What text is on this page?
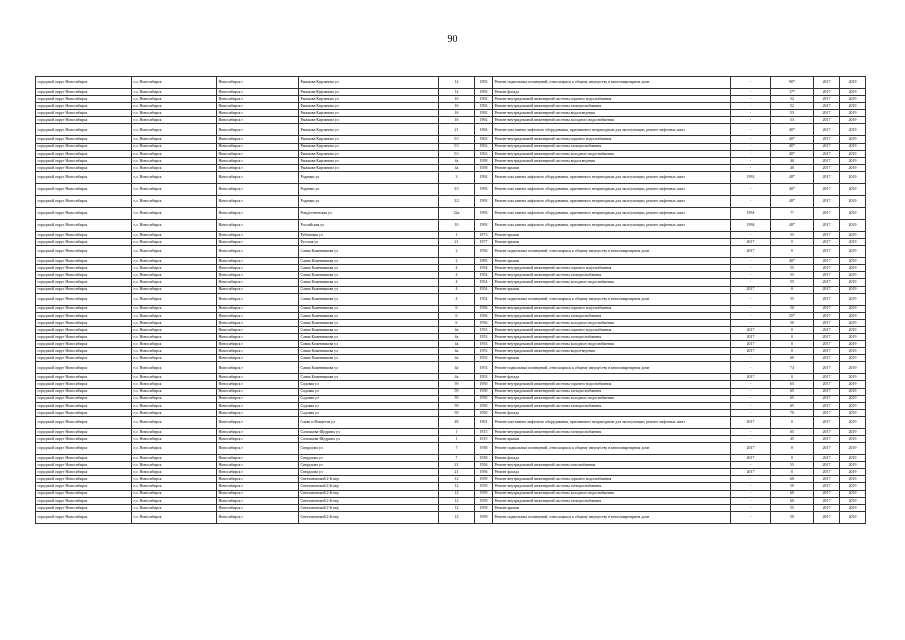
90
городской округ Новосибирск	г.о. Новосибирск	Новосибирск г	Рыжкова-Кирзанова ул	14	1993	Ремонт подвальных помещений, относящихся к общему имуществу в многоквартирном доме	-	90*	2017	2019
городской округ Новосибирск	г.о. Новосибирск	Новосибирск г	Рыжкова-Кирзанова ул	14	1993	Ремонт фасада	-	17*	2017	2019
городской округ Новосибирск	г.о. Новосибирск	Новосибирск г	Рыжкова-Кирзанова ул	16	1992	Ремонт внутридомовой инженерной системы горячего водоснабжения	-	52	2017	2019
городской округ Новосибирск	г.о. Новосибирск	Новосибирск г	Рыжкова-Кирзанова ул	16	1992	Ремонт внутридомовой инженерной системы электроснабжения	-	52	2017	2019
городской округ Новосибирск	г.о. Новосибирск	Новосибирск г	Рыжкова-Кирзанова ул	16	1992	Ремонт внутридомовой инженерной системы водоотведения	-	53	2017	2019
городской округ Новосибирск	г.о. Новосибирск	Новосибирск г	Рыжкова-Кирзанова ул	16	1992	Ремонт внутридомовой инженерной системы холодного водоснабжения	-	53	2017	2019
городской округ Новосибирск	г.о. Новосибирск	Новосибирск г	Рыжкова-Кирзанова ул	21	1994	Ремонт или замена лифтового оборудования, признанного непригодным для эксплуатации, ремонт лифтовых шахт	-	40*	2017	2019
городской округ Новосибирск	г.о. Новосибирск	Новосибирск г	Рыжкова-Кирзанова ул	5/1	1963	Ремонт внутридомовой инженерной системы горячего водоснабжения	-	40*	2017	2019
городской округ Новосибирск	г.о. Новосибирск	Новосибирск г	Рыжкова-Кирзанова ул	5/1	1963	Ремонт внутридомовой инженерной системы электроснабжения	-	40*	2017	2019
городской округ Новосибирск	г.о. Новосибирск	Новосибирск г	Рыжкова-Кирзанова ул	5/1	1963	Ремонт внутридомовой инженерной системы холодного водоснабжения	-	40*	2017	2019
городской округ Новосибирск	г.о. Новосибирск	Новосибирск г	Рыжкова-Кирзанова ул	4а	1958	Ремонт внутридомовой инженерной системы водоотведения	-	40	2017	2019
городской округ Новосибирск	г.о. Новосибирск	Новосибирск г	Рыжкова-Кирзанова ул	4а	1958	Ремонт крыши	-	40	2017	2019
городской округ Новосибирск	г.о. Новосибирск	Новосибирск г	Родники ул	3	1992	Ремонт или замена лифтового оборудования, признанного непригодным для эксплуатации, ремонт лифтовых шахт	1992	40*	2017	2019
городской округ Новосибирск	г.о. Новосибирск	Новосибирск г	Родники ул	3/1	1993	Ремонт или замена лифтового оборудования, признанного непригодным для эксплуатации, ремонт лифтовых шахт	-	40*	2017	2019
городской округ Новосибирск	г.о. Новосибирск	Новосибирск г	Родники ул	3/2	1993	Ремонт или замена лифтового оборудования, признанного непригодным для эксплуатации, ремонт лифтовых шахт	-	40*	2017	2019
городской округ Новосибирск	г.о. Новосибирск	Новосибирск г	Рождественская ул	22а	1993	Ремонт или замена лифтового оборудования, признанного непригодным для эксплуатации, ремонт лифтовых шахт	1994	??	2017	2019
городской округ Новосибирск	г.о. Новосибирск	Новосибирск г	Российская ул	10	1993	Ремонт или замена лифтового оборудования, признанного непригодным для эксплуатации, ремонт лифтовых шахт	1994	40*	2017	2019
городской округ Новосибирск	г.о. Новосибирск	Новосибирск г	Рубиновая ул	1	1973	Ремонт крыши	-	55	2017	2019
городской округ Новосибирск	г.о. Новосибирск	Новосибирск г	Русская ул	21	1977	Ремонт крыши	2017	0	2017	2019
городской округ Новосибирск	г.о. Новосибирск	Новосибирск г	Савиа Кожевникова ул	2	1956	Ремонт подвальных помещений, относящихся к общему имуществу в многоквартирном доме	2017	0	2017	2019
городской округ Новосибирск	г.о. Новосибирск	Новосибирск г	Савиа Кожевникова ул	2	1985	Ремонт крыши	-	40*	2017	2019
городской округ Новосибирск	г.о. Новосибирск	Новосибирск г	Савиа Кожевникова ул	4	1954	Ремонт внутридомовой инженерной системы горячего водоснабжения	-	55	2017	2019
городской округ Новосибирск	г.о. Новосибирск	Новосибирск г	Савиа Кожевникова ул	4	1954	Ремонт внутридомовой инженерной системы электроснабжения	-	55	2017	2019
городской округ Новосибирск	г.о. Новосибирск	Новосибирск г	Савиа Кожевникова ул	4	1954	Ремонт внутридомовой инженерной системы холодного водоснабжения	-	55	2017	2019
городской округ Новосибирск	г.о. Новосибирск	Новосибирск г	Савиа Кожевникова ул	4	1954	Ремонт крыши	2017	0	2017	2019
городской округ Новосибирск	г.о. Новосибирск	Новосибирск г	Савиа Кожевникова ул	4	1954	Ремонт подвальных помещений, относящихся к общему имуществу в многоквартирном доме	-	55	2017	2019
городской округ Новосибирск	г.о. Новосибирск	Новосибирск г	Савиа Кожевникова ул	6	1956	Ремонт внутридомовой инженерной системы горячего водоснабжения	-	50	2017	2019
городской округ Новосибирск	г.о. Новосибирск	Новосибирск г	Савиа Кожевникова ул	6	1956	Ремонт внутридомовой инженерной системы электроснабжения	-	55*	2017	2019
городской округ Новосибирск	г.о. Новосибирск	Новосибирск г	Савиа Кожевникова ул	6	1956	Ремонт внутридомовой инженерной системы холодного водоснабжения	-	50	2017	2019
городской округ Новосибирск	г.о. Новосибирск	Новосибирск г	Савиа Кожевникова ул	4а	1953	Ремонт внутридомовой инженерной системы горячего водоснабжения	2017	0	2017	2019
городской округ Новосибирск	г.о. Новосибирск	Новосибирск г	Савиа Кожевникова ул	4а	1953	Ремонт внутридомовой инженерной системы электроснабжения	2017	0	2017	2019
городской округ Новосибирск	г.о. Новосибирск	Новосибирск г	Савиа Кожевникова ул	4а	1953	Ремонт внутридомовой инженерной системы холодного водоснабжения	2017	0	2017	2019
городской округ Новосибирск	г.о. Новосибирск	Новосибирск г	Савиа Кожевникова ул	4а	1953	Ремонт внутридомовой инженерной системы водоотведения	2017	0	2017	2019
городской округ Новосибирск	г.о. Новосибирск	Новосибирск г	Савиа Кожевникова ул	4а	1953	Ремонт крыши	-	60	2017	2019
городской округ Новосибирск	г.о. Новосибирск	Новосибирск г	Савиа Кожевникова ул	4а	1953	Ремонт подвальных помещений, относящихся к общему имуществу в многоквартирном доме	-	74	2017	2019
городской округ Новосибирск	г.о. Новосибирск	Новосибирск г	Савиа Кожевникова ул	4а	1953	Ремонт фасада	2017	0	2017	2019
городской округ Новосибирск	г.о. Новосибирск	Новосибирск г	Садовая ул	59	1950	Ремонт внутридомовой инженерной системы горячего водоснабжения	-	65	2017	2019
городской округ Новосибирск	г.о. Новосибирск	Новосибирск г	Садовая ул	59	1950	Ремонт внутридомовой инженерной системы электроснабжения	-	65	2017	2019
городской округ Новосибирск	г.о. Новосибирск	Новосибирск г	Садовая ул	59	1950	Ремонт внутридомовой инженерной системы холодного водоснабжения	-	65	2017	2019
городской округ Новосибирск	г.о. Новосибирск	Новосибирск г	Садовая ул	59	1950	Ремонт внутридомовой инженерной системы электроснабжения	-	65	2017	2019
городской округ Новосибирск	г.о. Новосибирск	Новосибирск г	Садовая ул	59	1950	Ремонт фасада	-	70	2017	2019
городской округ Новосибирск	г.о. Новосибирск	Новосибирск г	Сакко и Ванцетти ул	48	1991	Ремонт или замена лифтового оборудования, признанного непригодным для эксплуатации, ремонт лифтовых шахт	2017	0	2017	2019
городской округ Новосибирск	г.о. Новосибирск	Новосибирск г	Салтыкова-Щедрина ул	1	1915	Ремонт внутридомовой инженерной системы электроснабжения	-	65	2017	2019
городской округ Новосибирск	г.о. Новосибирск	Новосибирск г	Салтыкова-Щедрина ул	1	1915	Ремонт крыши	-	45	2017	2019
городской округ Новосибирск	г.о. Новосибирск	Новосибирск г	Свердлова ул	7	1938	Ремонт подвальных помещений, относящихся к общему имуществу в многоквартирном доме	2017	0	2017	2019
городской округ Новосибирск	г.о. Новосибирск	Новосибирск г	Свердлова ул	7	1938	Ремонт фасада	2017	0	2017	2019
городской округ Новосибирск	г.о. Новосибирск	Новосибирск г	Свердлова ул	21	1956	Ремонт внутридомовой инженерной системы газоснабжения	-	55	2017	2019
городской округ Новосибирск	г.о. Новосибирск	Новосибирск г	Свердлова ул	21	1956	Ремонт фасада	2017	0	2017	2019
городской округ Новосибирск	г.о. Новосибирск	Новосибирск г	Светлановский 2-й пер	12	1959	Ремонт внутридомовой инженерной системы горячего водоснабжения	-	60	2017	2019
городской округ Новосибирск	г.о. Новосибирск	Новосибирск г	Светлановский 2-й пер	12	1959	Ремонт внутридомовой инженерной системы электроснабжения	-	50	2017	2019
городской округ Новосибирск	г.о. Новосибирск	Новосибирск г	Светлановский 2-й пер	12	1959	Ремонт внутридомовой инженерной системы холодного водоснабжения	-	60	2017	2019
городской округ Новосибирск	г.о. Новосибирск	Новосибирск г	Светлановский 2-й пер	12	1959	Ремонт внутридомовой инженерной системы электроснабжения	-	60	2017	2019
городской округ Новосибирск	г.о. Новосибирск	Новосибирск г	Светлановский 2-й пер	12	1959	Ремонт крыши	-	55	2017	2019
городской округ Новосибирск	г.о. Новосибирск	Новосибирск г	Светлановский 2-й пер	12	1959	Ремонт подвальных помещений, относящихся к общему имуществу в многоквартирном доме	-	50	2017	2019
